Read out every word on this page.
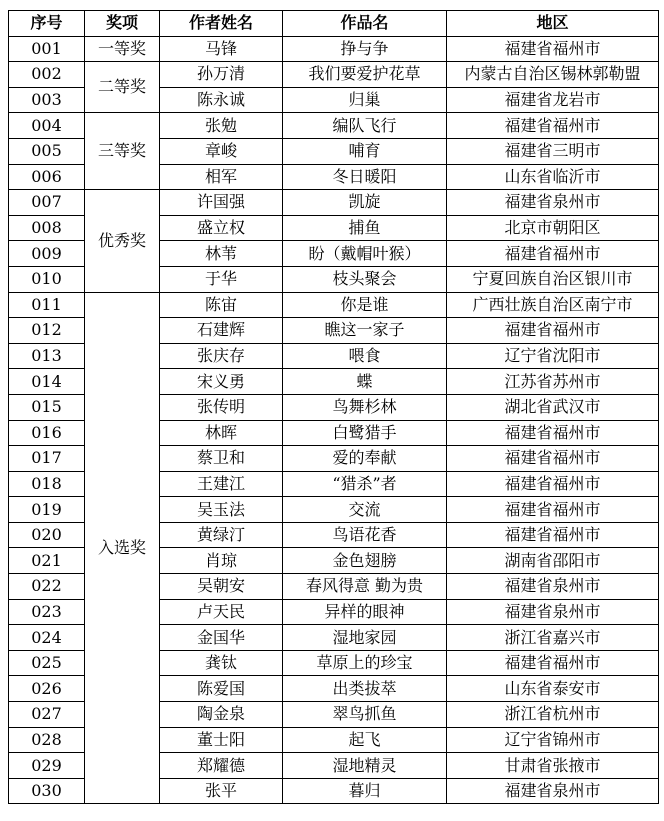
序号	奖项	作者姓名	作品名	地区
001	一等奖	马锋	挣与争	福建省福州市
002	二等奖	孙万清	我们要爱护花草	内蒙古自治区锡林郭勒盟
003		陈永诚	归巢	福建省龙岩市
004	三等奖	张勉	编队飞行	福建省福州市
005		章峻	哺育	福建省三明市
006		相军	冬日暖阳	山东省临沂市
007	优秀奖	许国强	凯旋	福建省泉州市
008		盛立权	捕鱼	北京市朝阳区
009		林苇	盼（戴帽叶猴）	福建省福州市
010		于华	枝头聚会	宁夏回族自治区银川市
011	入选奖	陈宙	你是谁	广西壮族自治区南宁市
012		石建辉	瞧这一家子	福建省福州市
013		张庆存	喂食	辽宁省沈阳市
014		宋义勇	蝶	江苏省苏州市
015		张传明	鸟舞杉林	湖北省武汉市
016		林晖	白鹭猎手	福建省福州市
017		蔡卫和	爱的奉献	福建省福州市
018		王建江	“猎杀”者	福建省福州市
019		吴玉法	交流	福建省福州市
020		黄绿汀	鸟语花香	福建省福州市
021		肖琼	金色翅膀	湖南省邵阳市
022		吴朝安	春风得意 勤为贵	福建省泉州市
023		卢天民	异样的眼神	福建省泉州市
024		金国华	湿地家园	浙江省嘉兴市
025		龚钛	草原上的珍宝	福建省福州市
026		陈爱国	出类拔萃	山东省泰安市
027		陶金泉	翠鸟抓鱼	浙江省杭州市
028		董士阳	起飞	辽宁省锦州市
029		郑耀德	湿地精灵	甘肃省张掖市
030		张平	暮归	福建省泉州市
